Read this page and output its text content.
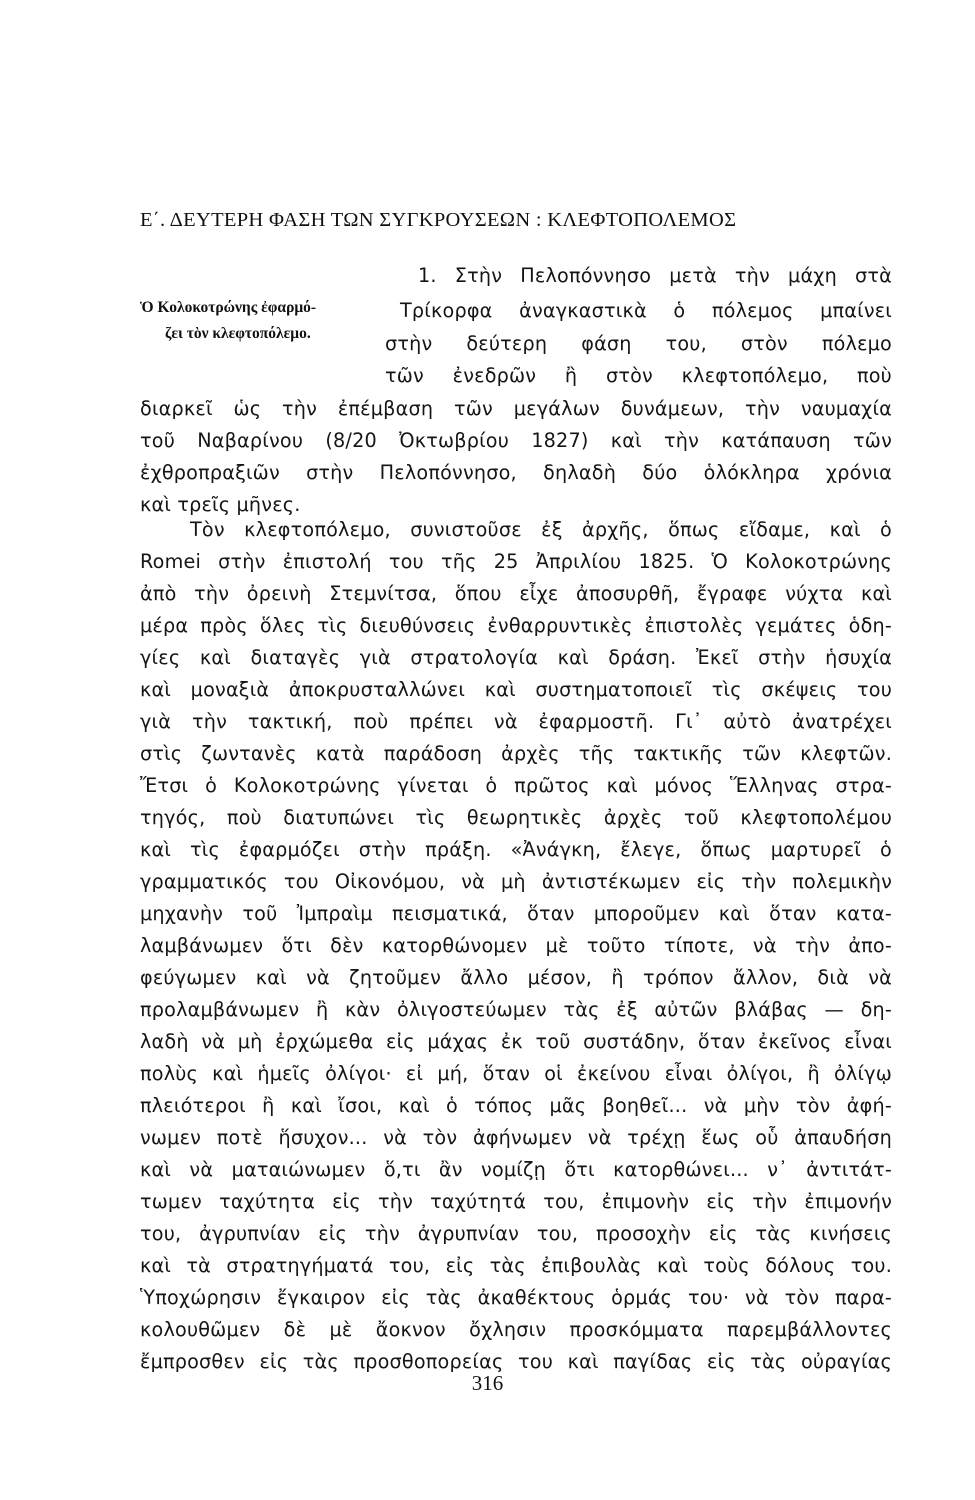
Ε΄. ΔΕΥΤΕΡΗ ΦΑΣΗ ΤΩΝ ΣΥΓΚΡΟΥΣΕΩΝ : ΚΛΕΦΤΟΠΟΛΕΜΟΣ
Ὁ Κολοκοτρώνης ἐφαρμό-
ζει τὸν κλεφτοπόλεμο.
1. Στὴν Πελοπόννησο μετὰ τὴν μάχη στὰ
Τρίκορφα ἀναγκαστικὰ ὁ πόλεμος μπαίνει
στὴν δεύτερη φάση του, στὸν πόλεμο
τῶν ἐνεδρῶν ἢ στὸν κλεφτοπόλεμο, ποὺ
διαρκεῖ ὡς τὴν ἐπέμβαση τῶν μεγάλων δυνάμεων, τὴν ναυμαχία
τοῦ Ναβαρίνου (8/20 Ὀκτωβρίου 1827) καὶ τὴν κατάπαυση τῶν
ἐχθροπραξιῶν στὴν Πελοπόννησο, δηλαδὴ δύο ὁλόκληρα χρόνια
καὶ τρεῖς μῆνες.
Τὸν κλεφτοπόλεμο, συνιστοῦσε ἐξ ἀρχῆς, ὅπως εἴδαμε, καὶ ὁ
Romei στὴν ἐπιστολή του τῆς 25 Ἀπριλίου 1825. Ὁ Κολοκοτρώνης
ἀπὸ τὴν ὀρεινὴ Στεμνίτσα, ὅπου εἶχε ἀποσυρθῆ, ἔγραφε νύχτα καὶ
μέρα πρὸς ὅλες τὶς διευθύνσεις ἐνθαρρυντικὲς ἐπιστολὲς γεμάτες ὁδη-
γίες καὶ διαταγὲς γιὰ στρατολογία καὶ δράση. Ἐκεῖ στὴν ἡσυχία
καὶ μοναξιὰ ἀποκρυσταλλώνει καὶ συστηματοποιεῖ τὶς σκέψεις του
γιὰ τὴν τακτική, ποὺ πρέπει νὰ ἐφαρμοστῆ. Γι᾽ αὐτὸ ἀνατρέχει
στὶς ζωντανὲς κατὰ παράδοση ἀρχὲς τῆς τακτικῆς τῶν κλεφτῶν.
Ἔτσι ὁ Κολοκοτρώνης γίνεται ὁ πρῶτος καὶ μόνος Ἕλληνας στρα-
τηγός, ποὺ διατυπώνει τὶς θεωρητικὲς ἀρχὲς τοῦ κλεφτοπολέμου
καὶ τὶς ἐφαρμόζει στὴν πράξη. «Ἀνάγκη, ἔλεγε, ὅπως μαρτυρεῖ ὁ
γραμματικός του Οἰκονόμου, νὰ μὴ ἀντιστέκωμεν εἰς τὴν πολεμικὴν
μηχανὴν τοῦ Ἰμπραὶμ πεισματικά, ὅταν μποροῦμεν καὶ ὅταν κατα-
λαμβάνωμεν ὅτι δὲν κατορθώνομεν μὲ τοῦτο τίποτε, νὰ τὴν ἀπο-
φεύγωμεν καὶ νὰ ζητοῦμεν ἄλλο μέσον, ἢ τρόπον ἄλλον, διὰ νὰ
προλαμβάνωμεν ἢ κὰν ὀλιγοστεύωμεν τὰς ἐξ αὐτῶν βλάβας — δη-
λαδὴ νὰ μὴ ἐρχώμεθα εἰς μάχας ἐκ τοῦ συστάδην, ὅταν ἐκεῖνος εἶναι
πολὺς καὶ ἡμεῖς ὀλίγοι· εἰ μή, ὅταν οἱ ἐκείνου εἶναι ὀλίγοι, ἢ ὀλίγῳ
πλειότεροι ἢ καὶ ἴσοι, καὶ ὁ τόπος μᾶς βοηθεῖ... νὰ μὴν τὸν ἀφή-
νωμεν ποτὲ ἥσυχον... νὰ τὸν ἀφήνωμεν νὰ τρέχῃ ἕως οὗ ἀπαυδήση
καὶ νὰ ματαιώνωμεν ὅ,τι ἂν νομίζῃ ὅτι κατορθώνει... ν᾽ ἀντιτάτ-
τωμεν ταχύτητα εἰς τὴν ταχύτητά του, ἐπιμονὴν εἰς τὴν ἐπιμονήν
του, ἀγρυπνίαν εἰς τὴν ἀγρυπνίαν του, προσοχὴν εἰς τὰς κινήσεις
καὶ τὰ στρατηγήματά του, εἰς τὰς ἐπιβουλὰς καὶ τοὺς δόλους του.
Ὑποχώρησιν ἔγκαιρον εἰς τὰς ἀκαθέκτους ὁρμάς του· νὰ τὸν παρα-
κολουθῶμεν δὲ μὲ ἄοκνον ὄχλησιν προσκόμματα παρεμβάλλοντες
ἔμπροσθεν εἰς τὰς προσθοπορείας του καὶ παγίδας εἰς τὰς οὐραγίας
316
